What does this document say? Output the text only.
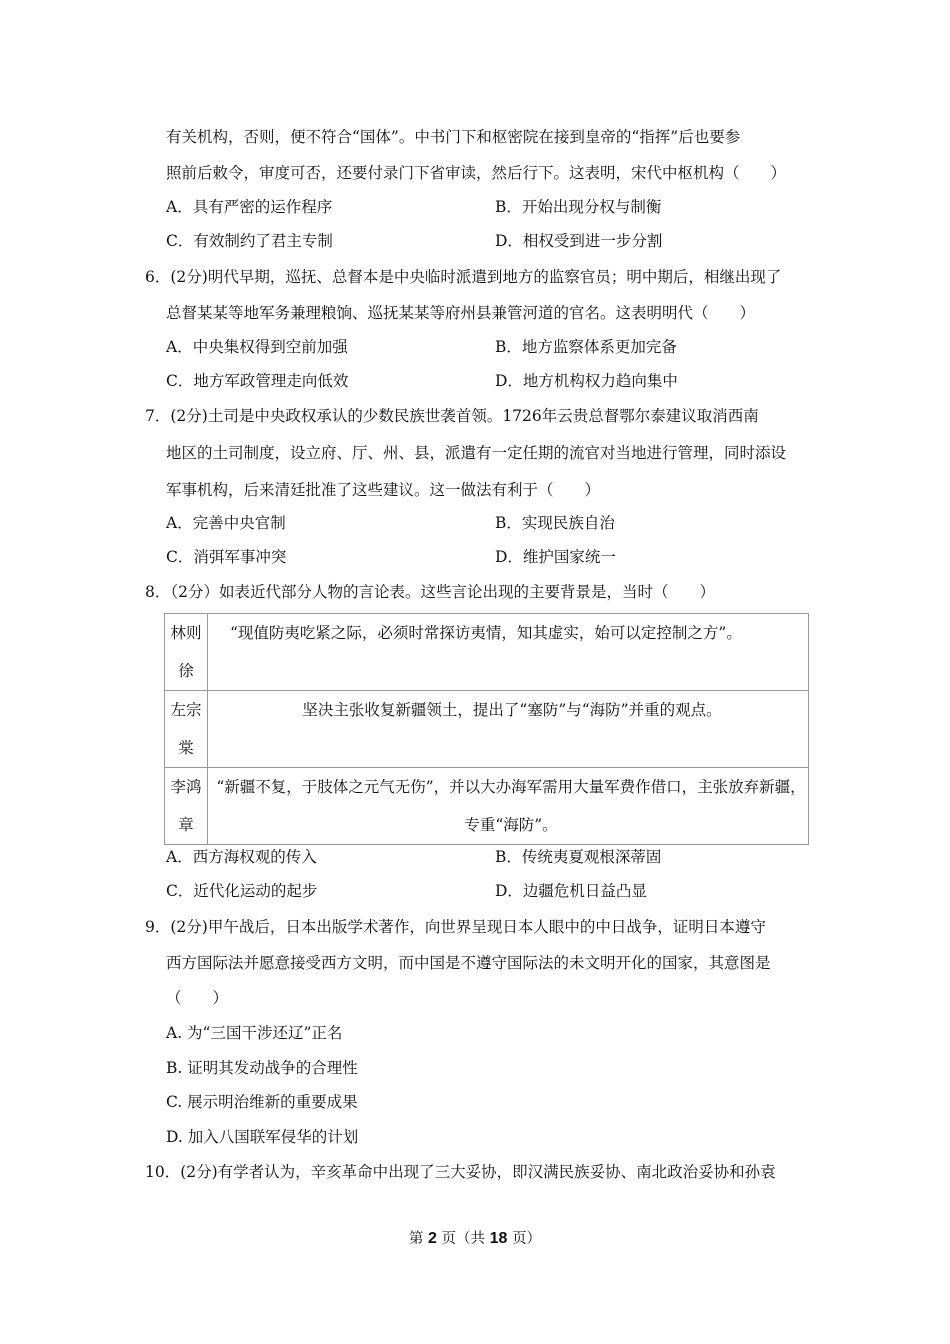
有关机构，否则，便不符合“国体”。中书门下和枢密院在接到皇帝的“指挥”后也要参
照前后敕令，审度可否，还要付录门下省审读，然后行下。这表明，宋代中枢机构（　　）
A．具有严密的运作程序	B．开始出现分权与制衡
C．有效制约了君主专制	D．相权受到进一步分割
6．(2分)明代早期，巡抚、总督本是中央临时派遣到地方的监察官员；明中期后，相继出现了
总督某某等地军务兼理粮饷、巡抚某某等府州县兼管河道的官名。这表明明代（　　）
A．中央集权得到空前加强	B．地方监察体系更加完备
C．地方军政管理走向低效	D．地方机构权力趋向集中
7．(2分)土司是中央政权承认的少数民族世袭首领。1726年云贵总督鄂尔泰建议取消西南
地区的土司制度，设立府、厅、州、县，派遣有一定任期的流官对当地进行管理，同时添设
军事机构，后来清廷批准了这些建议。这一做法有利于（　　）
A．完善中央官制	B．实现民族自治
C．消弭军事冲突	D．维护国家统一
8．（2分）如表近代部分人物的言论表。这些言论出现的主要背景是，当时（　　）
林则徐	“现值防夷吃紧之际，必须时常探访夷情，知其虚实，始可以定控制之方”。

左宗棠	坚决主张收复新疆领土，提出了“塞防”与“海防”并重的观点。

李鸿章	“新疆不复，于肢体之元气无伤”，并以大办海军需用大量军费作借口，主张放弃新疆，专重“海防”。
A．西方海权观的传入	B．传统夷夏观根深蒂固
C．近代化运动的起步	D．边疆危机日益凸显
9．(2分)甲午战后，日本出版学术著作，向世界呈现日本人眼中的中日战争，证明日本遵守
西方国际法并愿意接受西方文明，而中国是不遵守国际法的未文明开化的国家，其意图是
（　　）
A. 为“三国干涉还辽”正名
B. 证明其发动战争的合理性
C. 展示明治维新的重要成果
D. 加入八国联军侵华的计划
10．(2分)有学者认为，辛亥革命中出现了三大妥协，即汉满民族妥协、南北政治妥协和孙袁
第 2 页（共 18 页）
